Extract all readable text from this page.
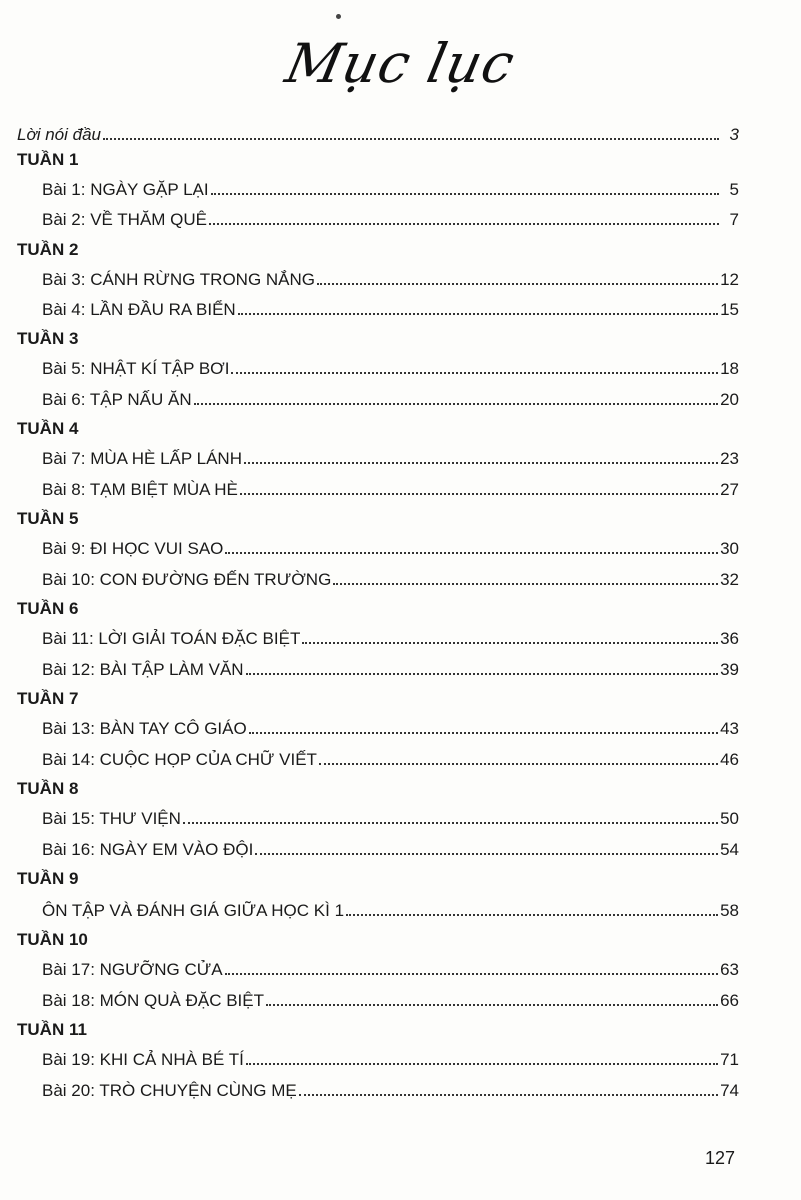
Mục lục
Lời nói đầu	3
TUẦN 1
Bài 1: NGÀY GẶP LẠI	5
Bài 2: VỀ THĂM QUÊ	7
TUẦN 2
Bài 3: CÁNH RỪNG TRONG NẮNG	12
Bài 4: LẦN ĐẦU RA BIỂN	15
TUẦN 3
Bài 5: NHẬT KÍ TẬP BƠI	18
Bài 6: TẬP NẤU ĂN	20
TUẦN 4
Bài 7: MÙA HÈ LẤP LÁNH	23
Bài 8: TẠM BIỆT MÙA HÈ	27
TUẦN 5
Bài 9: ĐI HỌC VUI SAO	30
Bài 10: CON ĐƯỜNG ĐẾN TRƯỜNG	32
TUẦN 6
Bài 11: LỜI GIẢI TOÁN ĐẶC BIỆT	36
Bài 12: BÀI TẬP LÀM VĂN	39
TUẦN 7
Bài 13: BÀN TAY CÔ GIÁO	43
Bài 14: CUỘC HỌP CỦA CHỮ VIẾT	46
TUẦN 8
Bài 15: THƯ VIỆN	50
Bài 16: NGÀY EM VÀO ĐỘI	54
TUẦN 9
ÔN TẬP VÀ ĐÁNH GIÁ GIỮA HỌC KÌ 1	58
TUẦN 10
Bài 17: NGƯỠNG CỬA	63
Bài 18: MÓN QUÀ ĐẶC BIỆT	66
TUẦN 11
Bài 19: KHI CẢ NHÀ BÉ TÍ	71
Bài 20: TRÒ CHUYỆN CÙNG MẸ	74
127
